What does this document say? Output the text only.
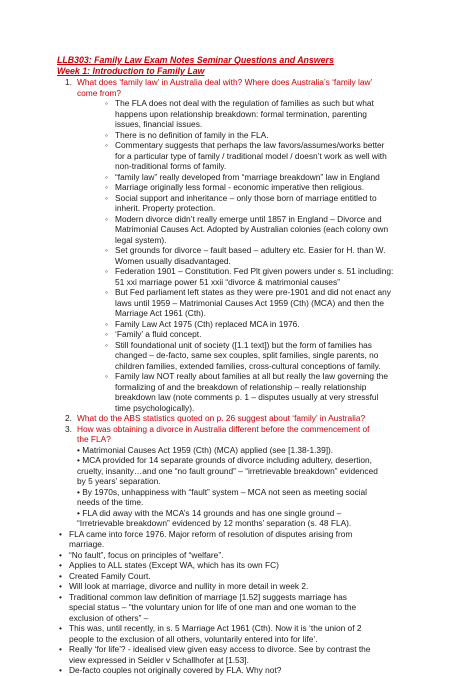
LLB303: Family Law Exam Notes Seminar Questions and Answers
Week 1: Introduction to Family Law
1. What does ‘family law’ in Australia deal with? Where does Australia’s ‘family law’
come from?
◦ The FLA does not deal with the regulation of families as such but what
happens upon relationship breakdown: formal termination, parenting
issues, financial issues.
◦ There is no definition of family in the FLA.
◦ Commentary suggests that perhaps the law favors/assumes/works better
for a particular type of family / traditional model / doesn’t work as well with
non-traditional forms of family.
◦ “family law” really developed from “marriage breakdown” law in England
◦ Marriage originally less formal - economic imperative then religious.
◦ Social support and inheritance – only those born of marriage entitled to
inherit. Property protection.
◦ Modern divorce didn’t really emerge until 1857 in England – Divorce and
Matrimonial Causes Act. Adopted by Australian colonies (each colony own
legal system).
◦ Set grounds for divorce – fault based – adultery etc. Easier for H. than W.
Women usually disadvantaged.
◦ Federation 1901 – Constitution. Fed Plt given powers under s. 51 including:
51 xxi marriage power 51 xxii “divorce & matrimonial causes”
◦ But Fed parliament left states as they were pre-1901 and did not enact any
laws until 1959 – Matrimonial Causes Act 1959 (Cth) (MCA) and then the
Marriage Act 1961 (Cth).
◦ Family Law Act 1975 (Cth) replaced MCA in 1976.
◦ ‘Family’ a fluid concept.
◦ Still foundational unit of society ([1.1 text]) but the form of families has
changed – de-facto, same sex couples, split families, single parents, no
children families, extended families, cross-cultural conceptions of family.
◦ Family law NOT really about families at all but really the law governing the
formalizing of and the breakdown of relationship – really relationship
breakdown law (note comments p. 1 – disputes usually at very stressful
time psychologically).
2. What do the ABS statistics quoted on p. 26 suggest about ‘family’ in Australia?
3. How was obtaining a divorce in Australia different before the commencement of
the FLA?
• Matrimonial Causes Act 1959 (Cth) (MCA) applied (see [1.38-1.39]).
• MCA provided for 14 separate grounds of divorce including adultery, desertion,
cruelty, insanity…and one “no fault ground” – “irretrievable breakdown” evidenced
by 5 years’ separation.
• By 1970s, unhappiness with “fault” system – MCA not seen as meeting social
needs of the time.
• FLA did away with the MCA’s 14 grounds and has one single ground –
“Irretrievable breakdown” evidenced by 12 months’ separation (s. 48 FLA).
• FLA came into force 1976. Major reform of resolution of disputes arising from
marriage.
• “No fault”, focus on principles of “welfare”.
• Applies to ALL states (Except WA, which has its own FC)
• Created Family Court.
• Will look at marriage, divorce and nullity in more detail in week 2.
• Traditional common law definition of marriage [1.52] suggests marriage has
special status – “the voluntary union for life of one man and one woman to the
exclusion of others” –
• This was, until recently, in s. 5 Marriage Act 1961 (Cth). Now it is ‘the union of 2
people to the exclusion of all others, voluntarily entered into for life’.
• Really ‘for life’? - idealised view given easy access to divorce. See by contrast the
view expressed in Seidler v Schallhofer at [1.53].
• De-facto couples not originally covered by FLA. Why not?
